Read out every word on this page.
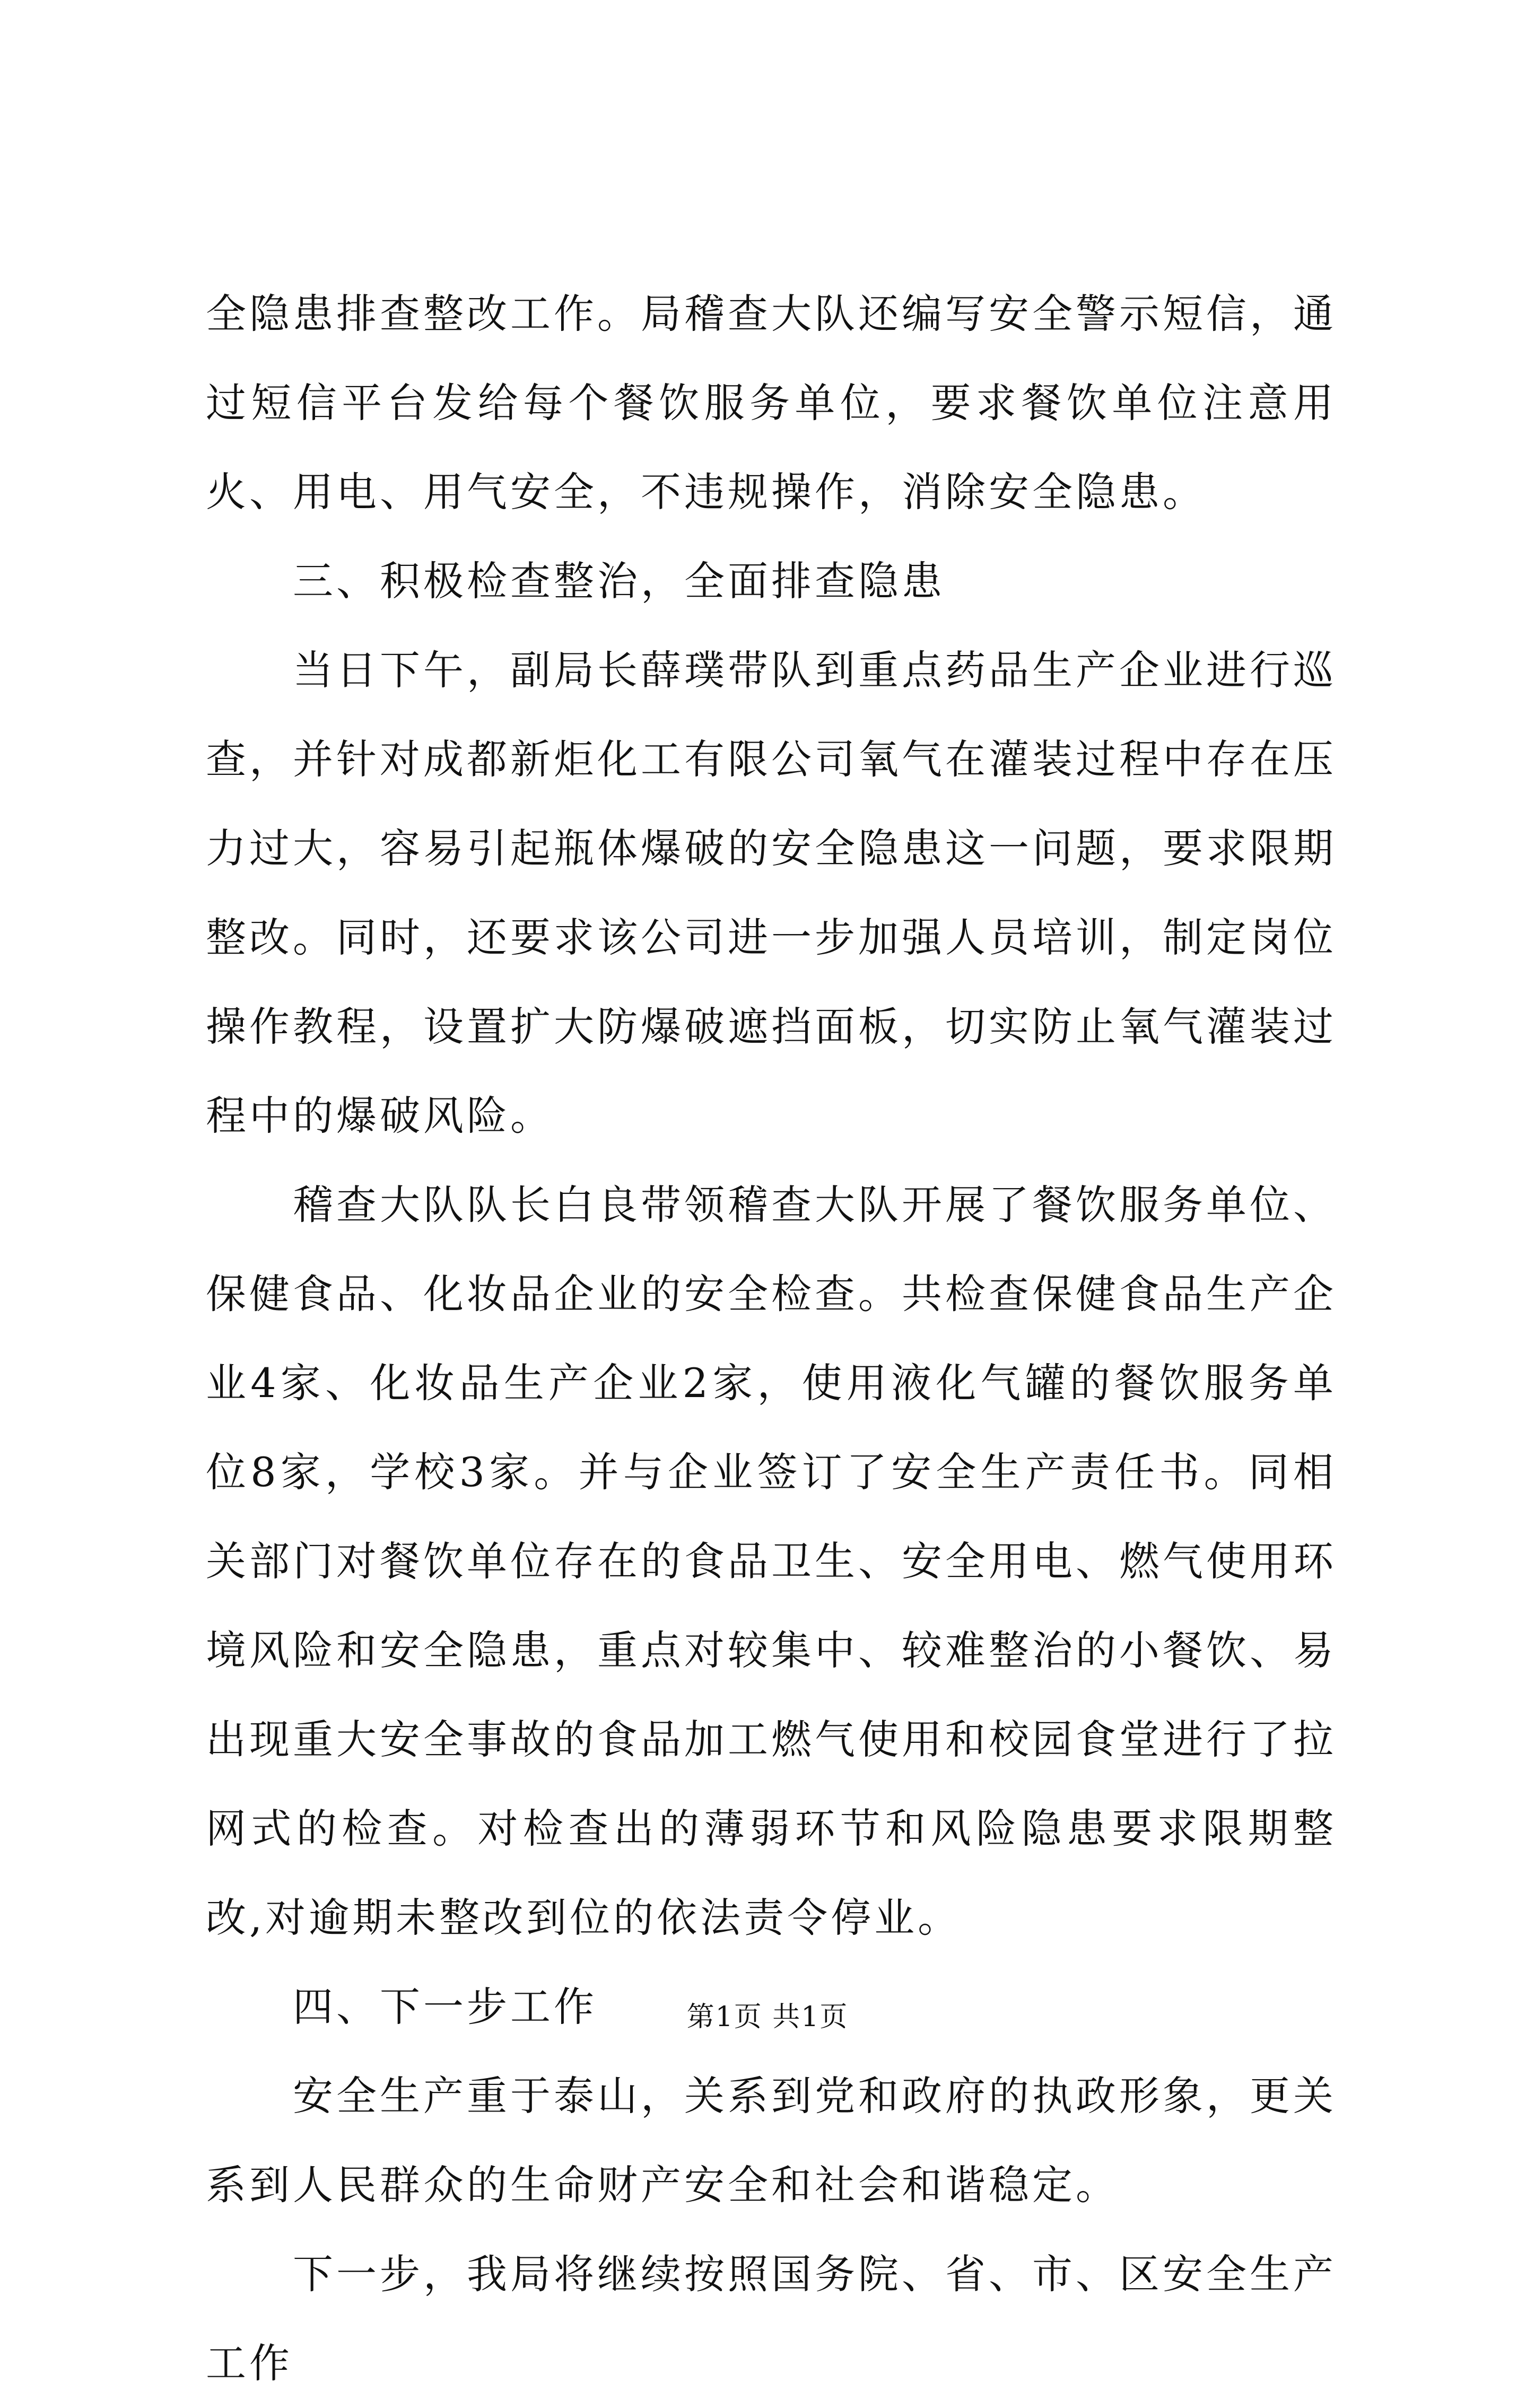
全隐患排查整改工作。局稽查大队还编写安全警示短信，通过短信平台发给每个餐饮服务单位，要求餐饮单位注意用火、用电、用气安全，不违规操作，消除安全隐患。

三、积极检查整治，全面排查隐患

当日下午，副局长薛璞带队到重点药品生产企业进行巡查，并针对成都新炬化工有限公司氧气在灌装过程中存在压力过大，容易引起瓶体爆破的安全隐患这一问题，要求限期整改。同时，还要求该公司进一步加强人员培训，制定岗位操作教程，设置扩大防爆破遮挡面板，切实防止氧气灌装过程中的爆破风险。

稽查大队队长白良带领稽查大队开展了餐饮服务单位、保健食品、化妆品企业的安全检查。共检查保健食品生产企业4家、化妆品生产企业2家，使用液化气罐的餐饮服务单位8家，学校3家。并与企业签订了安全生产责任书。同相关部门对餐饮单位存在的食品卫生、安全用电、燃气使用环境风险和安全隐患，重点对较集中、较难整治的小餐饮、易出现重大安全事故的食品加工燃气使用和校园食堂进行了拉网式的检查。对检查出的薄弱环节和风险隐患要求限期整改,对逾期未整改到位的依法责令停业。

四、下一步工作

安全生产重于泰山，关系到党和政府的执政形象，更关系到人民群众的生命财产安全和社会和谐稳定。

下一步，我局将继续按照国务院、省、市、区安全生产工作

第1页 共1页
